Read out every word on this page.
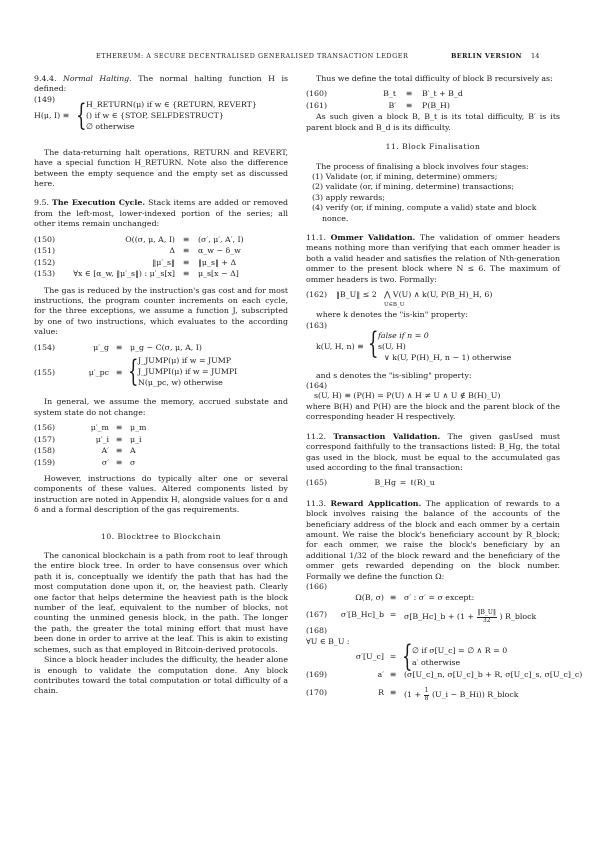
ETHEREUM: A SECURE DECENTRALISED GENERALISED TRANSACTION LEDGER	BERLIN VERSION 14

9.4.4. Normal Halting. The normal halting function H is defined:

(149)
H(μ, I) ≡ { H_RETURN(μ) if w ∈ {RETURN, REVERT}
() if w ∈ {STOP, SELFDESTRUCT}
∅ otherwise

The data-returning halt operations, RETURN and REVERT, have a special function H_RETURN. Note also the difference between the empty sequence and the empty set as discussed here.

9.5. The Execution Cycle. Stack items are added or removed from the left-most, lower-indexed portion of the series; all other items remain unchanged:

(150)	O((σ, μ, A, I) ≡	(σ′, μ′, A′, I)
(151)	Δ ≡	α_w − δ_w
(152)	‖μ′_s‖ ≡	‖μ_s‖ + Δ
(153)	∀x ∈ [α_w, ‖μ′_s‖) : μ′_s[x] ≡	μ_s[x − Δ]

The gas is reduced by the instruction's gas cost and for most instructions, the program counter increments on each cycle, for the three exceptions, we assume a function J, subscripted by one of two instructions, which evaluates to the according value:

(154)	μ′_g ≡ μ_g − C(σ, μ, A, I)
(155)	μ′_pc ≡ { J_JUMP(μ) if w = JUMP
J_JUMPI(μ) if w = JUMPI
N(μ_pc, w) otherwise

In general, we assume the memory, accrued substate and system state do not change:

(156)	μ′_m ≡ μ_m
(157)	μ′_i ≡ μ_i
(158)	A′ ≡ A
(159)	σ′ ≡ σ

However, instructions do typically alter one or several components of these values. Altered components listed by instruction are noted in Appendix H, alongside values for α and δ and a formal description of the gas requirements.

10. Blocktree to Blockchain

The canonical blockchain is a path from root to leaf through the entire block tree. In order to have consensus over which path it is, conceptually we identify the path that has had the most computation done upon it, or, the heaviest path. Clearly one factor that helps determine the heaviest path is the block number of the leaf, equivalent to the number of blocks, not counting the unmined genesis block, in the path. The longer the path, the greater the total mining effort that must have been done in order to arrive at the leaf. This is akin to existing schemes, such as that employed in Bitcoin-derived protocols.

Since a block header includes the difficulty, the header alone is enough to validate the computation done. Any block contributes toward the total computation or total difficulty of a chain.

Thus we define the total difficulty of block B recursively as:

(160)	B_t	≡	B′_t + B_d
(161)	B′	≡	P(B_H)

As such given a block B, B_t is its total difficulty, B′ is its parent block and B_d is its difficulty.

11. Block Finalisation

The process of finalising a block involves four stages:

(1) Validate (or, if mining, determine) ommers;
(2) validate (or, if mining, determine) transactions;
(3) apply rewards;
(4) verify (or, if mining, compute a valid) state and block nonce.

11.1. Ommer Validation. The validation of ommer headers means nothing more than verifying that each ommer header is both a valid header and satisfies the relation of Nth-generation ommer to the present block where N ≤ 6. The maximum of ommer headers is two. Formally:

(162) ‖B_U‖ ≤ 2 ⋀ V(U) ∧ k(U, P(B_H)_H, 6)
U∈B_U

where k denotes the "is-kin" property:

(163)
k(U, H, n) ≡ { false if n = 0
s(U, H)
∨ k(U, P(H)_H, n − 1) otherwise

and s denotes the "is-sibling" property:

(164)
s(U, H) ≡ (P(H) = P(U) ∧ H ≠ U ∧ U ∉ B(H)_U)

where B(H) and P(H) are the block and the parent block of the corresponding header H respectively.

11.2. Transaction Validation. The given gasUsed must correspond faithfully to the transactions listed: B_Hg, the total gas used in the block, must be equal to the accumulated gas used according to the final transaction:

(165)	B_Hg = ℓ(R)_u

11.3. Reward Application. The application of rewards to a block involves raising the balance of the accounts of the beneficiary address of the block and each ommer by a certain amount. We raise the block's beneficiary account by R_block; for each ommer, we raise the block's beneficiary by an additional 1/32 of the block reward and the beneficiary of the ommer gets rewarded depending on the block number. Formally we define the function Ω:

(166)
Ω(B, σ) ≡ σ′ : σ′ = σ except:
(167)	σ′[B_Hc]_b = σ[B_Hc]_b + ($1 + \frac{‖B\_U‖}{32}$ ) R_block
(168)
∀U ∈ B_U :
σ′[U_c] = { ∅ if σ[U_c] = ∅ ∧ R = 0
a′ otherwise
(169)	a′ ≡ (σ[U_c]_n, σ[U_c]_b + R, σ[U_c]_s, σ[U_c]_c)
(170)	$R \equiv (1 + \frac{1}{8}$ (U_i − B_Hi)) R_block
